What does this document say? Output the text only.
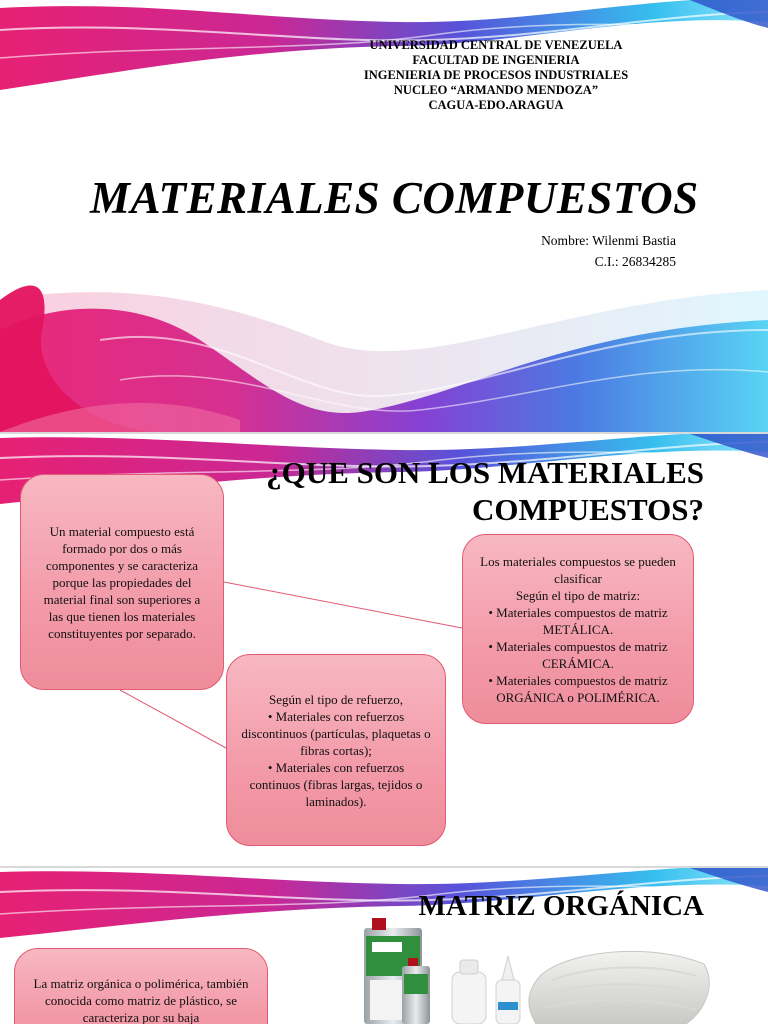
UNIVERSIDAD CENTRAL DE VENEZUELA
FACULTAD DE INGENIERIA
INGENIERIA DE PROCESOS INDUSTRIALES
NUCLEO “ARMANDO MENDOZA”
CAGUA-EDO.ARAGUA
MATERIALES COMPUESTOS
Nombre: Wilenmi Bastia
C.I.: 26834285
¿QUE SON LOS MATERIALES COMPUESTOS?
Un material compuesto está formado por dos o más componentes y se caracteriza porque las propiedades del material final son superiores a las que tienen los materiales constituyentes por separado.
Los materiales compuestos se pueden clasificar
Según el tipo de matriz:
• Materiales compuestos de matriz METÁLICA.
• Materiales compuestos de matriz CERÁMICA.
• Materiales compuestos de matriz ORGÁNICA o POLIMÉRICA.
Según el tipo de refuerzo,
• Materiales con refuerzos discontinuos (partículas, plaquetas o fibras cortas);
• Materiales con refuerzos continuos (fibras largas, tejidos o laminados).
MATRIZ ORGÁNICA
La matriz orgánica o polimérica, también conocida como matriz de plástico, se caracteriza por su baja
